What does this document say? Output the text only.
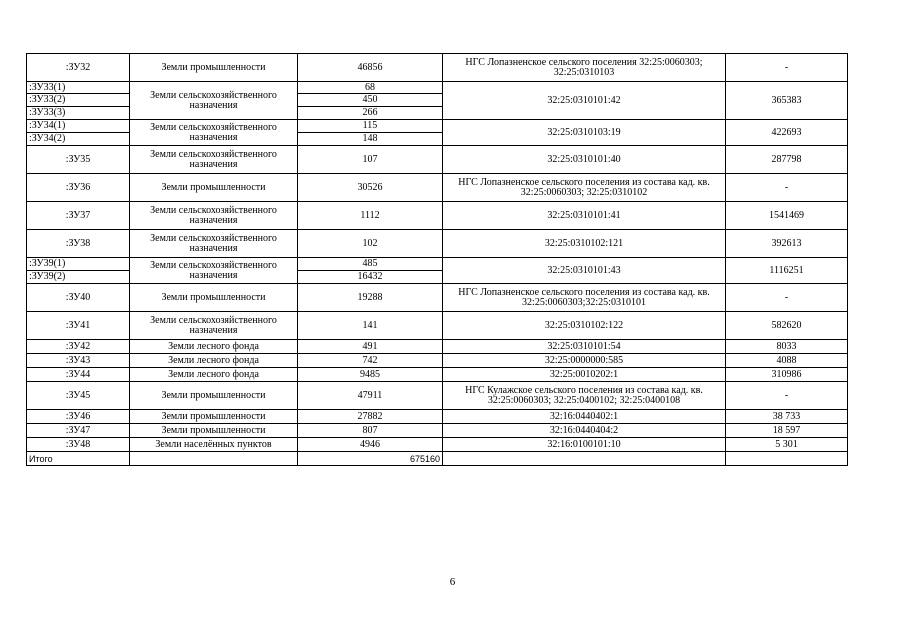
:ЗУ32	Земли промышленности	46856	НГС Лопазненское сельского поселения 32:25:0060303; 32:25:0310103	-
:ЗУ33(1)	Земли сельскохозяйственного назначения	68	32:25:0310101:42	365383
:ЗУ33(2)		450		
:ЗУ33(3)		266		
:ЗУ34(1)	Земли сельскохозяйственного назначения	115	32:25:0310103:19	422693
:ЗУ34(2)		148		
:ЗУ35	Земли сельскохозяйственного назначения	107	32:25:0310101:40	287798
:ЗУ36	Земли промышленности	30526	НГС Лопазненское сельского поселения из состава кад. кв. 32:25:0060303; 32:25:0310102	-
:ЗУ37	Земли сельскохозяйственного назначения	1112	32:25:0310101:41	1541469
:ЗУ38	Земли сельскохозяйственного назначения	102	32:25:0310102:121	392613
:ЗУ39(1)	Земли сельскохозяйственного назначения	485	32:25:0310101:43	1116251
:ЗУ39(2)		16432		
:ЗУ40	Земли промышленности	19288	НГС Лопазненское сельского поселения из состава кад. кв. 32:25:0060303;32:25:0310101	-
:ЗУ41	Земли сельскохозяйственного назначения	141	32:25:0310102:122	582620
:ЗУ42	Земли лесного фонда	491	32:25:0310101:54	8033
:ЗУ43	Земли лесного фонда	742	32:25:0000000:585	4088
:ЗУ44	Земли лесного фонда	9485	32:25:0010202:1	310986
:ЗУ45	Земли промышленности	47911	НГС Кулажское сельского поселения из состава кад. кв. 32:25:0060303; 32:25:0400102; 32:25:0400108	-
:ЗУ46	Земли промышленности	27882	32:16:0440402:1	38 733
:ЗУ47	Земли промышленности	807	32:16:0440404:2	18 597
:ЗУ48	Земли населённых пунктов	4946	32:16:0100101:10	5 301
Итого		675160		
6
